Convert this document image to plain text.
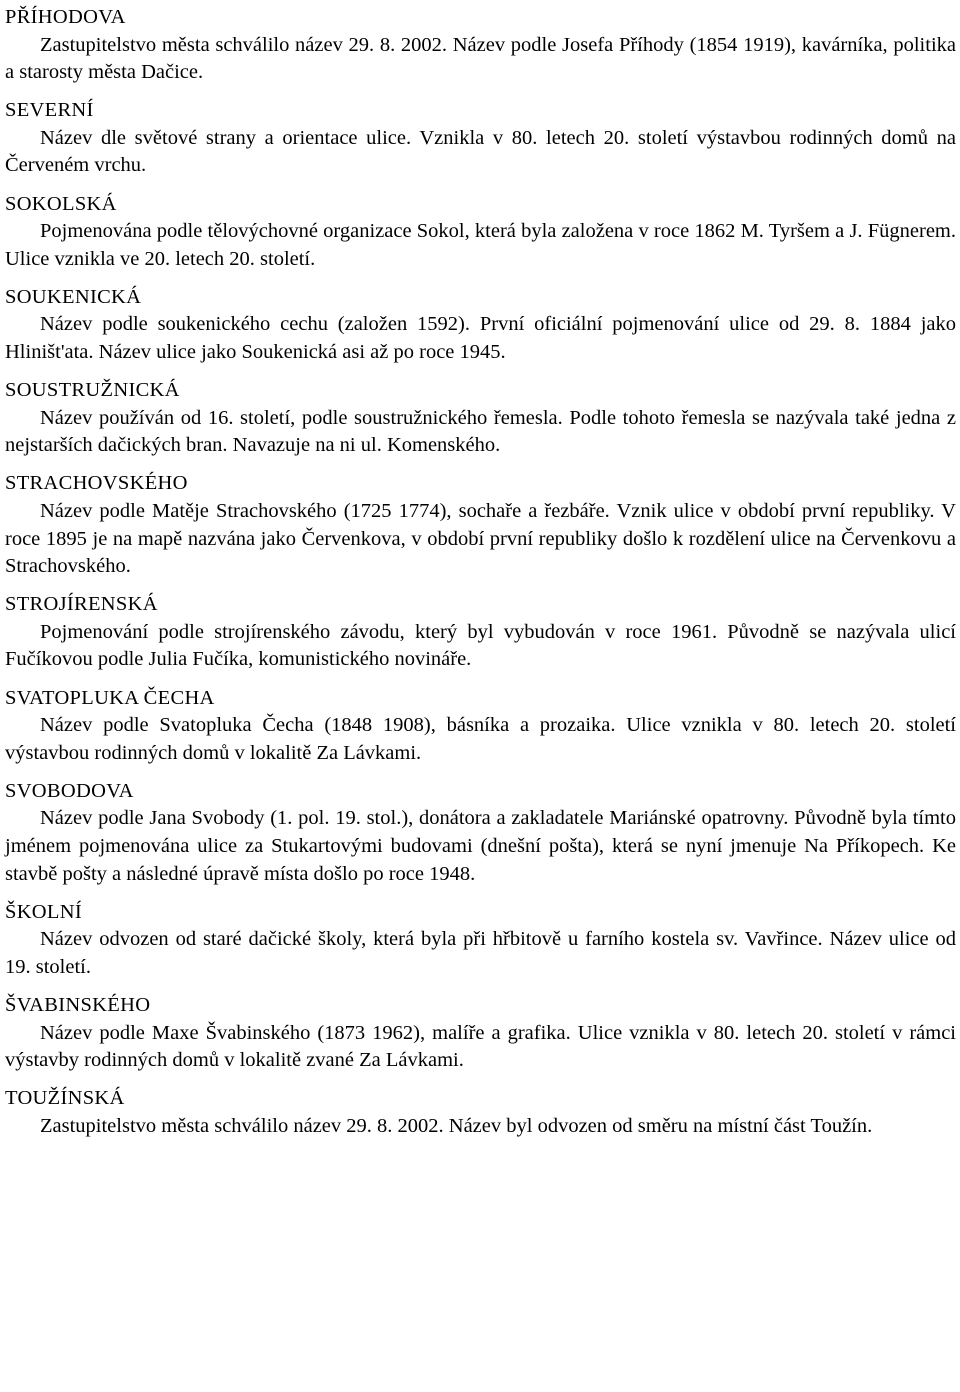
PŘÍHODOVA

Zastupitelstvo města schválilo název 29. 8. 2002. Název podle Josefa Příhody (1854 1919), kavárníka, politika a starosty města Dačice.

SEVERNÍ

Název dle světové strany a orientace ulice. Vznikla v 80. letech 20. století výstavbou rodinných domů na Červeném vrchu.

SOKOLSKÁ

Pojmenována podle tělovýchovné organizace Sokol, která byla založena v roce 1862 M. Tyršem a J. Fügnerem. Ulice vznikla ve 20. letech 20. století.

SOUKENICKÁ

Název podle soukenického cechu (založen 1592). První oficiální pojmenování ulice od 29. 8. 1884 jako Hliništ'ata. Název ulice jako Soukenická asi až po roce 1945.

SOUSTRUŽNICKÁ

Název používán od 16. století, podle soustružnického řemesla. Podle tohoto řemesla se nazývala také jedna z nejstarších dačických bran. Navazuje na ni ul. Komenského.

STRACHOVSKÉHO

Název podle Matěje Strachovského (1725 1774), sochaře a řezbáře. Vznik ulice v období první republiky. V roce 1895 je na mapě nazvána jako Červenkova, v období první republiky došlo k rozdělení ulice na Červenkovu a Strachovského.

STROJÍRENSKÁ

Pojmenování podle strojírenského závodu, který byl vybudován v roce 1961. Původně se nazývala ulicí Fučíkovou podle Julia Fučíka, komunistického novináře.

SVATOPLUKA ČECHA

Název podle Svatopluka Čecha (1848 1908), básníka a prozaika. Ulice vznikla v 80. letech 20. století výstavbou rodinných domů v lokalitě Za Lávkami.

SVOBODOVA

Název podle Jana Svobody (1. pol. 19. stol.), donátora a zakladatele Mariánské opatrovny. Původně byla tímto jménem pojmenována ulice za Stukartovými budovami (dnešní pošta), která se nyní jmenuje Na Příkopech. Ke stavbě pošty a následné úpravě místa došlo po roce 1948.

ŠKOLNÍ

Název odvozen od staré dačické školy, která byla při hřbitově u farního kostela sv. Vavřince. Název ulice od 19. století.

ŠVABINSKÉHO

Název podle Maxe Švabinského (1873 1962), malíře a grafika. Ulice vznikla v 80. letech 20. století v rámci výstavby rodinných domů v lokalitě zvané Za Lávkami.

TOUŽÍNSKÁ

Zastupitelstvo města schválilo název 29. 8. 2002. Název byl odvozen od směru na místní část Toužín.
